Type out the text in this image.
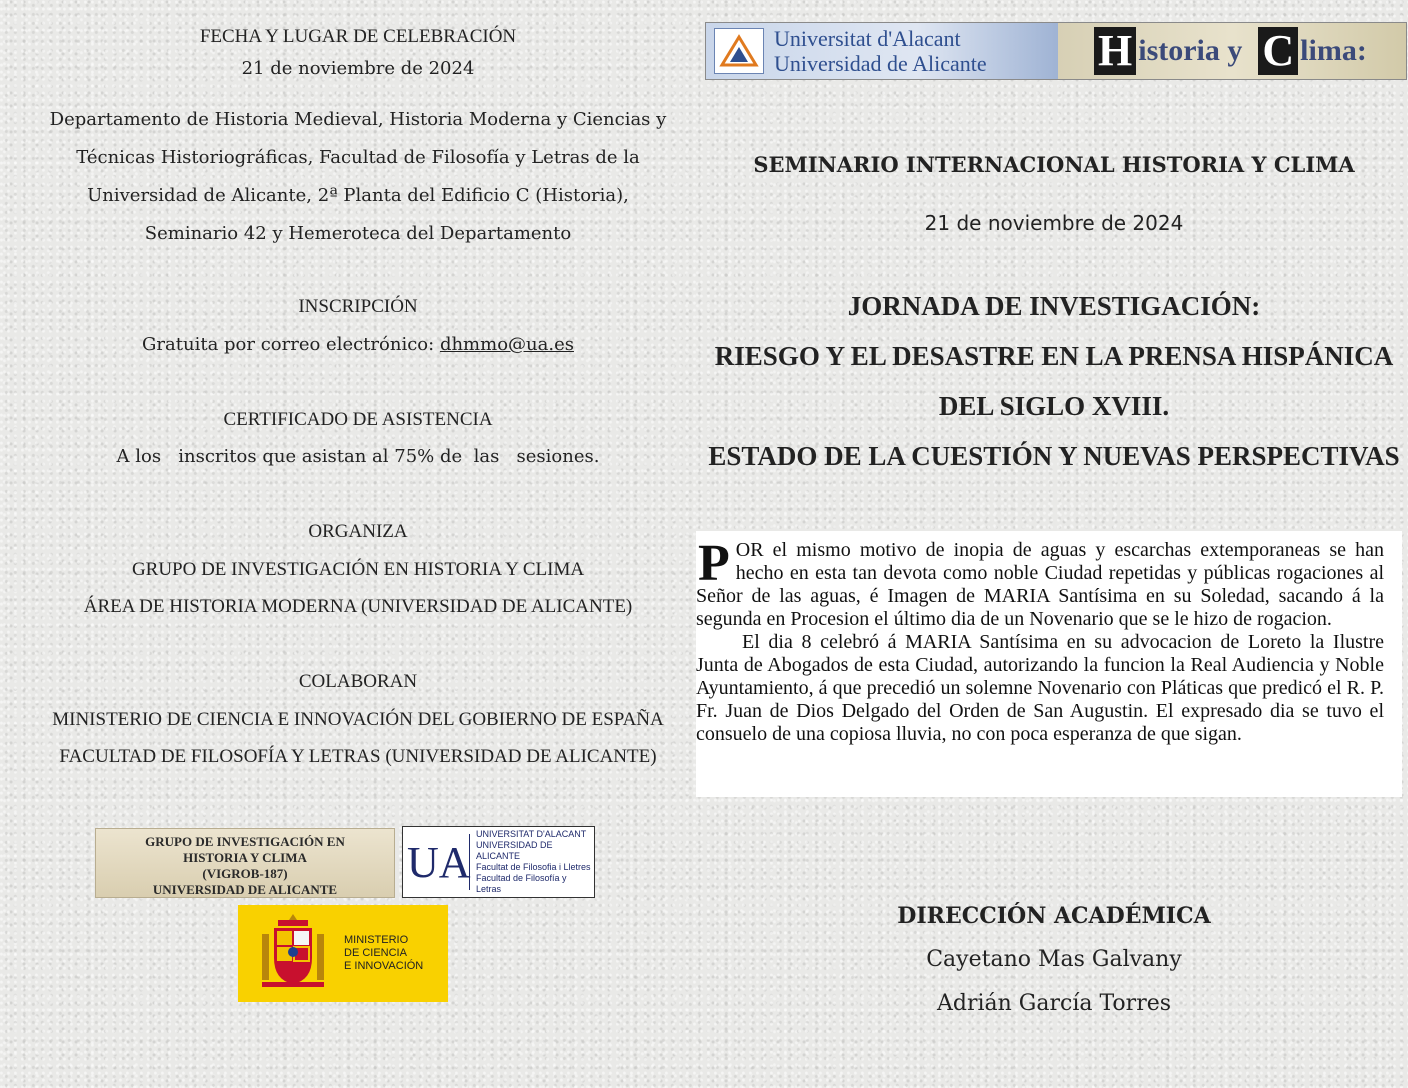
FECHA Y LUGAR DE CELEBRACIÓN
21 de noviembre de 2024
Departamento de Historia Medieval, Historia Moderna y Ciencias y
Técnicas Historiográficas, Facultad de Filosofía y Letras de la
Universidad de Alicante, 2ª Planta del Edificio C (Historia),
Seminario 42 y Hemeroteca del Departamento
INSCRIPCIÓN
Gratuita por correo electrónico: dhmmo@ua.es
CERTIFICADO DE ASISTENCIA
A los   inscritos que asistan al 75% de  las   sesiones.
ORGANIZA
GRUPO DE INVESTIGACIÓN EN HISTORIA Y CLIMA
ÁREA DE HISTORIA MODERNA (UNIVERSIDAD DE ALICANTE)
COLABORAN
MINISTERIO DE CIENCIA E INNOVACIÓN DEL GOBIERNO DE ESPAÑA
FACULTAD DE FILOSOFÍA Y LETRAS (UNIVERSIDAD DE ALICANTE)
GRUPO DE INVESTIGACIÓN EN
HISTORIA Y CLIMA
(VIGROB-187)
UNIVERSIDAD DE ALICANTE
UA
UNIVERSITAT D'ALACANT
UNIVERSIDAD DE ALICANTE
Facultat de Filosofia i Lletres
Facultad de Filosofía y Letras
MINISTERIO
DE CIENCIA
E INNOVACIÓN
Universitat d'Alacant
Universidad de Alicante	H istoria y C lima:
SEMINARIO INTERNACIONAL HISTORIA Y CLIMA
21 de noviembre de 2024
JORNADA DE INVESTIGACIÓN:
RIESGO Y EL DESASTRE EN LA PRENSA HISPÁNICA
DEL SIGLO XVIII.
ESTADO DE LA CUESTIÓN Y NUEVAS PERSPECTIVAS
P OR el mismo motivo de inopia de aguas y escarchas extemporaneas se han hecho en esta tan devota como noble Ciudad repetidas y públicas rogaciones al Señor de las aguas, é Imagen de MARIA Santísima en su Soledad, sacando á la segunda en Procesion el último dia de un Novenario que se le hizo de rogacion.

El dia 8 celebró á MARIA Santísima en su advocacion de Loreto la Ilustre Junta de Abogados de esta Ciudad, autorizando la funcion la Real Audiencia y Noble Ayuntamiento, á que precedió un solemne Novenario con Pláticas que predicó el R. P. Fr. Juan de Dios Delgado del Orden de San Augustin. El expresado dia se tuvo el consuelo de una copiosa lluvia, no con poca esperanza de que sigan.

DIRECCIÓN ACADÉMICA
Cayetano Mas Galvany
Adrián García Torres
